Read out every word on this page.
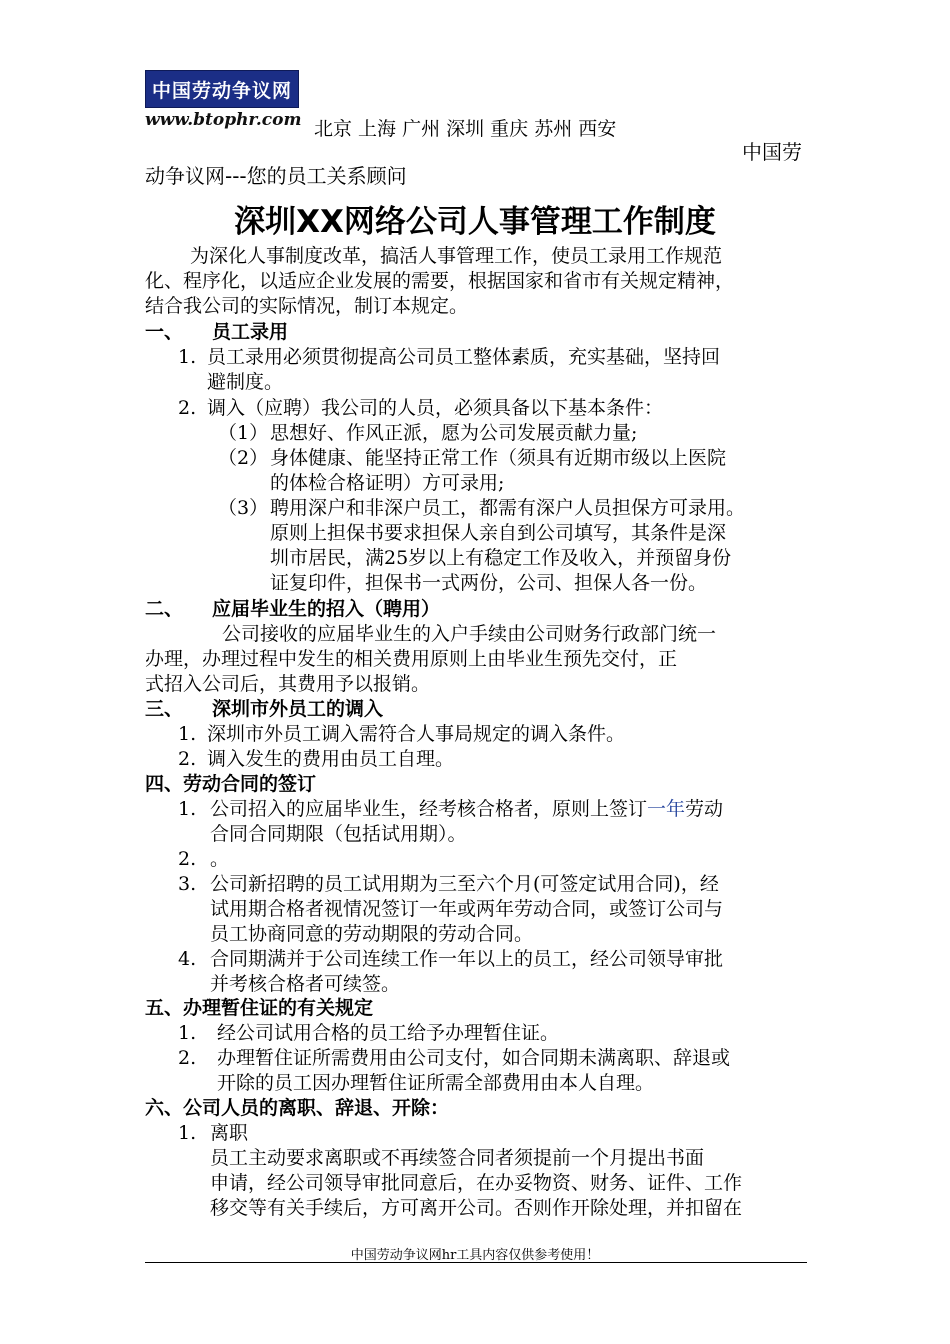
中国劳动争议网
www.btophr.com 北京 上海 广州 深圳 重庆 苏州 西安
中国劳
动争议网---您的员工关系顾问
深圳XX网络公司人事管理工作制度
为深化人事制度改革，搞活人事管理工作，使员工录用工作规范
化、程序化，以适应企业发展的需要，根据国家和省市有关规定精神，
结合我公司的实际情况，制订本规定。
一、 员工录用
1. 员工录用必须贯彻提高公司员工整体素质，充实基础，坚持回
避制度。
2. 调入（应聘）我公司的人员，必须具备以下基本条件：
（1） 思想好、作风正派，愿为公司发展贡献力量;
（2） 身体健康、能坚持正常工作（须具有近期市级以上医院
的体检合格证明）方可录用;
（3） 聘用深户和非深户员工，都需有深户人员担保方可录用。
原则上担保书要求担保人亲自到公司填写，其条件是深
圳市居民，满25岁以上有稳定工作及收入，并预留身份
证复印件，担保书一式两份，公司、担保人各一份。
二、 应届毕业生的招入（聘用）
公司接收的应届毕业生的入户手续由公司财务行政部门统一
办理，办理过程中发生的相关费用原则上由毕业生预先交付，正
式招入公司后，其费用予以报销。
三、 深圳市外员工的调入
1. 深圳市外员工调入需符合人事局规定的调入条件。
2. 调入发生的费用由员工自理。
四、劳动合同的签订
1. 公司招入的应届毕业生，经考核合格者，原则上签订一年劳动
合同合同期限（包括试用期）。
2. 。
3. 公司新招聘的员工试用期为三至六个月(可签定试用合同)，经
试用期合格者视情况签订一年或两年劳动合同，或签订公司与
员工协商同意的劳动期限的劳动合同。
4. 合同期满并于公司连续工作一年以上的员工，经公司领导审批
并考核合格者可续签。
五、办理暂住证的有关规定
1. 经公司试用合格的员工给予办理暂住证。
2. 办理暂住证所需费用由公司支付，如合同期未满离职、辞退或
开除的员工因办理暂住证所需全部费用由本人自理。
六、公司人员的离职、辞退、开除：
1. 离职
员工主动要求离职或不再续签合同者须提前一个月提出书面
申请，经公司领导审批同意后，在办妥物资、财务、证件、工作
移交等有关手续后，方可离开公司。否则作开除处理，并扣留在
中国劳动争议网hr工具内容仅供参考使用！
